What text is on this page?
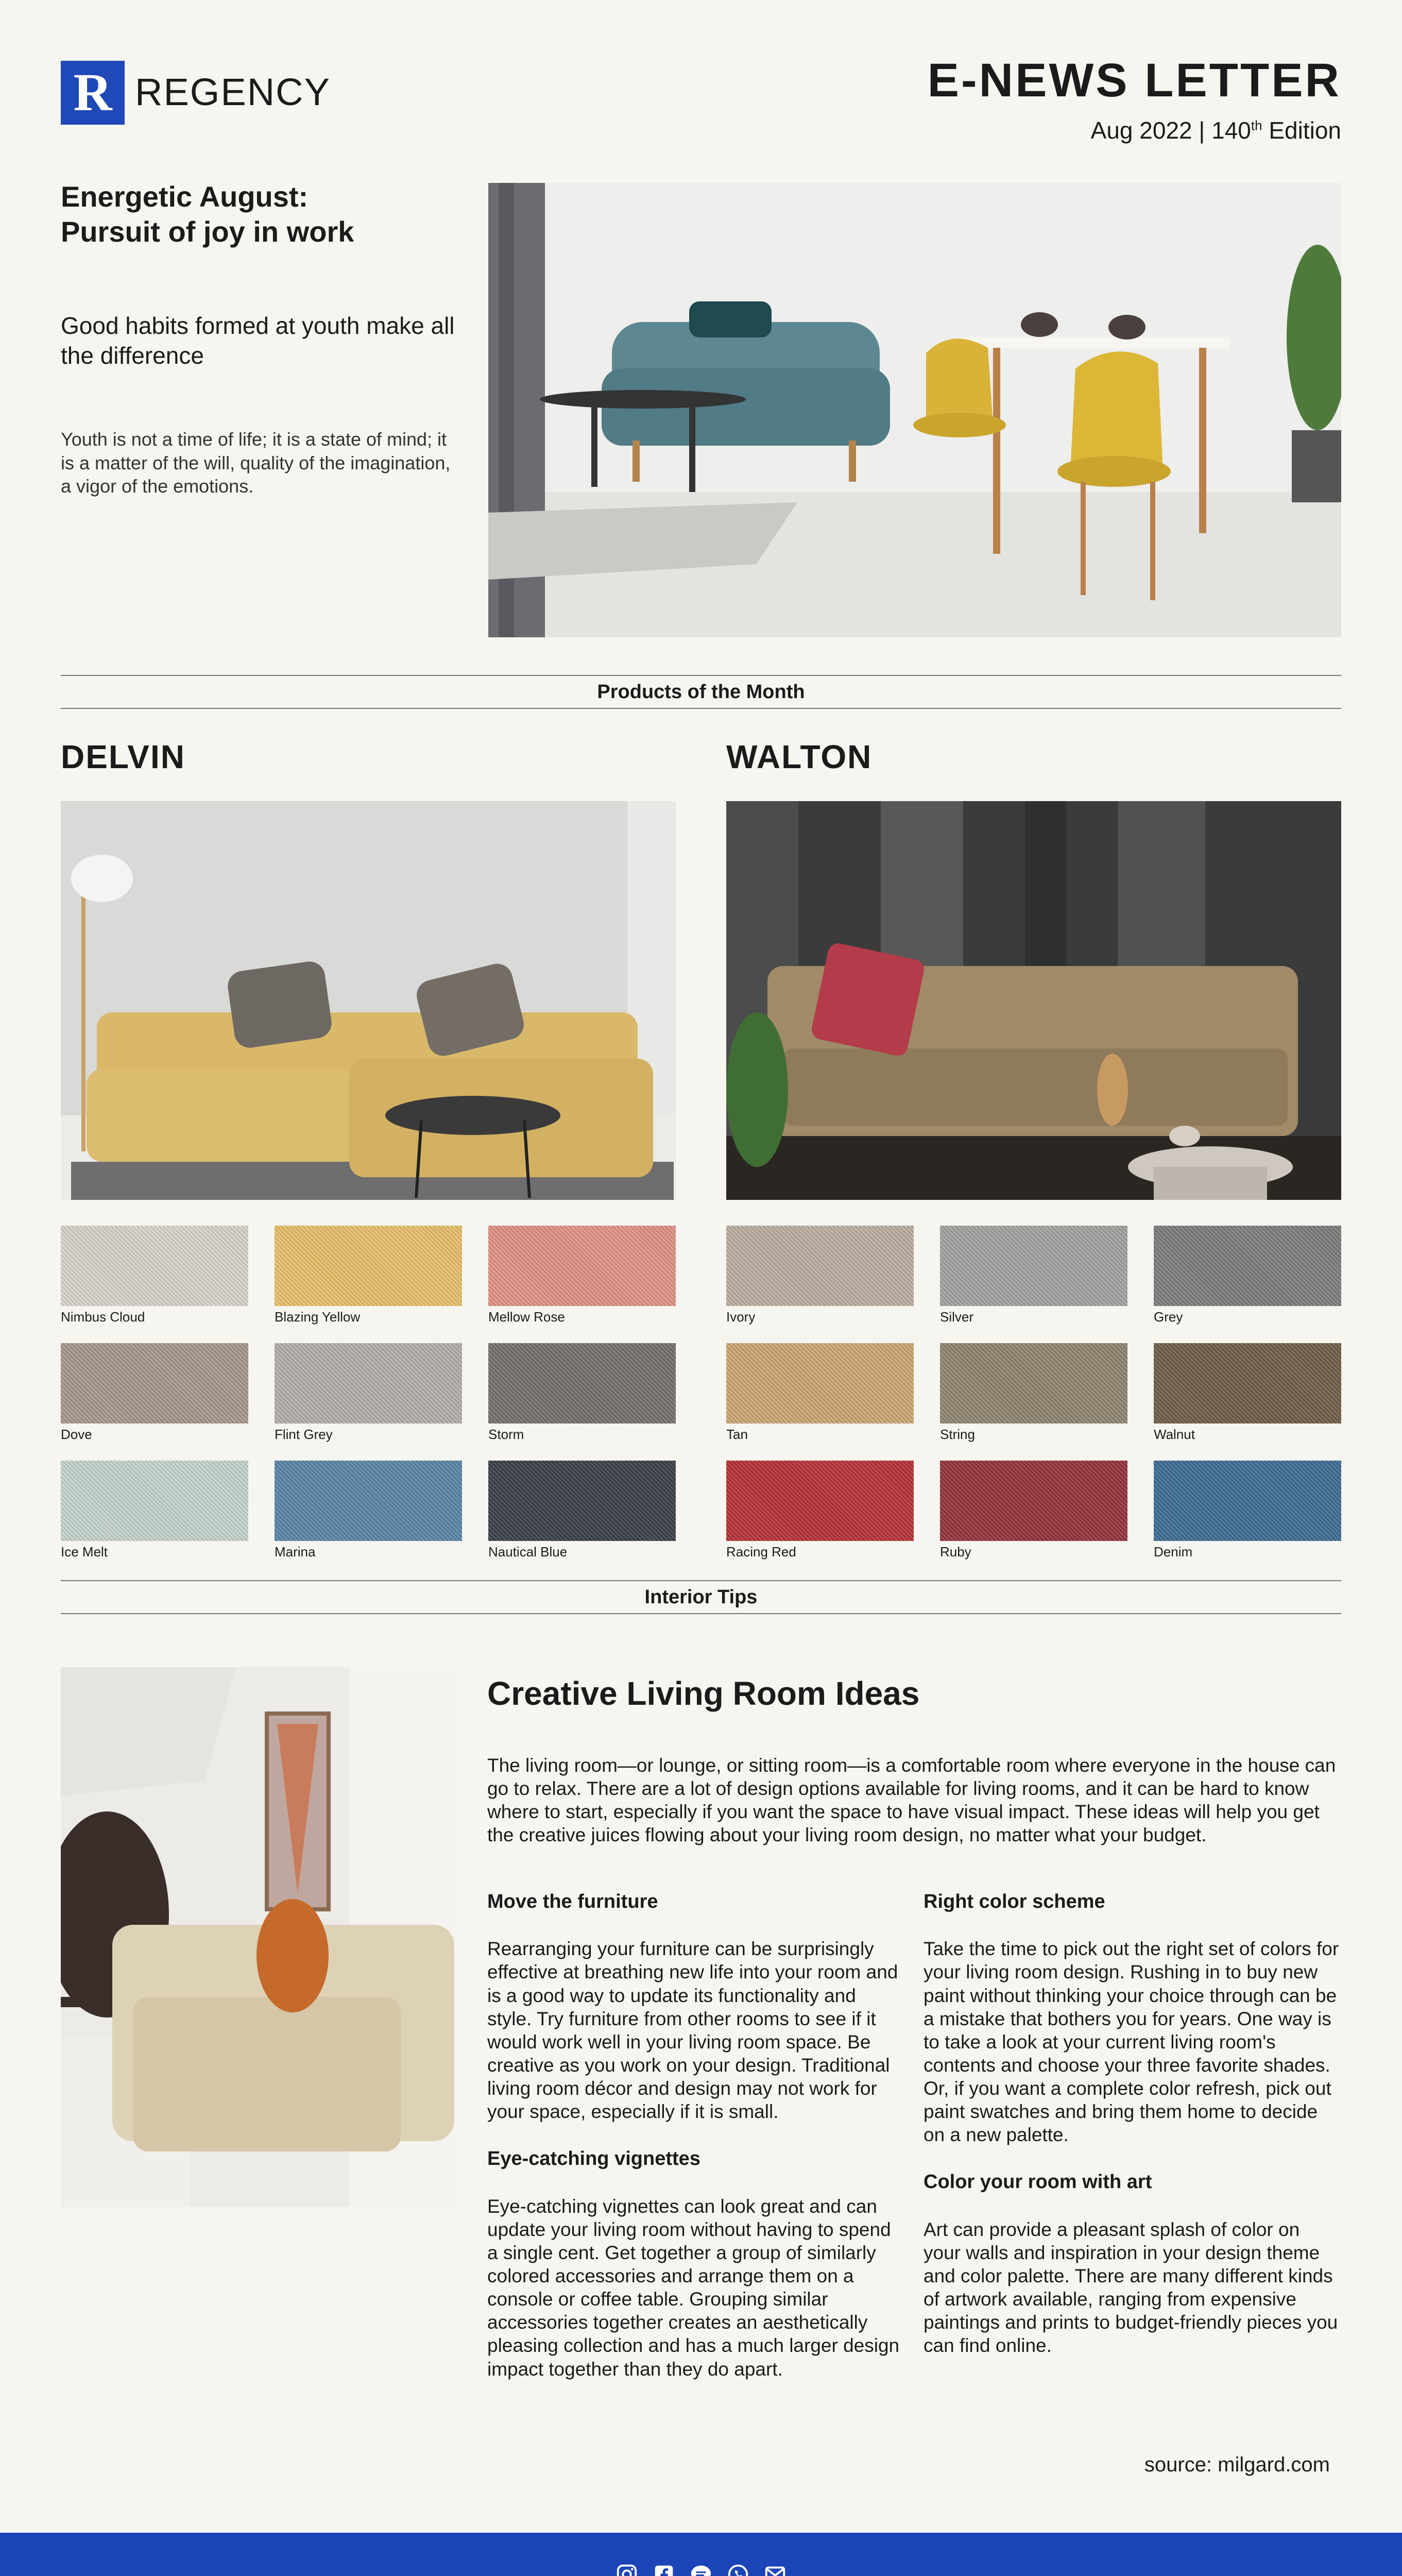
R REGENCY	E-NEWS LETTER
Aug 2022 | 140th Edition
Energetic August:
Pursuit of joy in work
Good habits formed at youth make all the difference
Youth is not a time of life; it is a state of mind; it is a matter of the will, quality of the imagination, a vigor of the emotions.
Products of the Month
DELVIN	WALTON
Nimbus Cloud	Blazing Yellow	Mellow Rose
Dove	Flint Grey	Storm
Ice Melt	Marina	Nautical Blue
Ivory	Silver	Grey
Tan	String	Walnut
Racing Red	Ruby	Denim
Interior Tips
Creative Living Room Ideas
The living room—or lounge, or sitting room—is a comfortable room where everyone in the house can go to relax. There are a lot of design options available for living rooms, and it can be hard to know where to start, especially if you want the space to have visual impact. These ideas will help you get the creative juices flowing about your living room design, no matter what your budget.
Move the furniture

Rearranging your furniture can be surprisingly effective at breathing new life into your room and is a good way to update its functionality and style. Try furniture from other rooms to see if it would work well in your living room space. Be creative as you work on your design. Traditional living room décor and design may not work for your space, especially if it is small.

Eye-catching vignettes

Eye-catching vignettes can look great and can update your living room without having to spend a single cent. Get together a group of similarly colored accessories and arrange them on a console or coffee table. Grouping similar accessories together creates an aesthetically pleasing collection and has a much larger design impact together than they do apart.

Right color scheme

Take the time to pick out the right set of colors for your living room design. Rushing in to buy new paint without thinking your choice through can be a mistake that bothers you for years. One way is to take a look at your current living room's contents and choose your three favorite shades. Or, if you want a complete color refresh, pick out paint swatches and bring them home to decide on a new palette.

Color your room with art

Art can provide a pleasant splash of color on your walls and inspiration in your design theme and color palette. There are many different kinds of artwork available, ranging from expensive paintings and prints to budget-friendly pieces you can find online.

source: milgard.com
